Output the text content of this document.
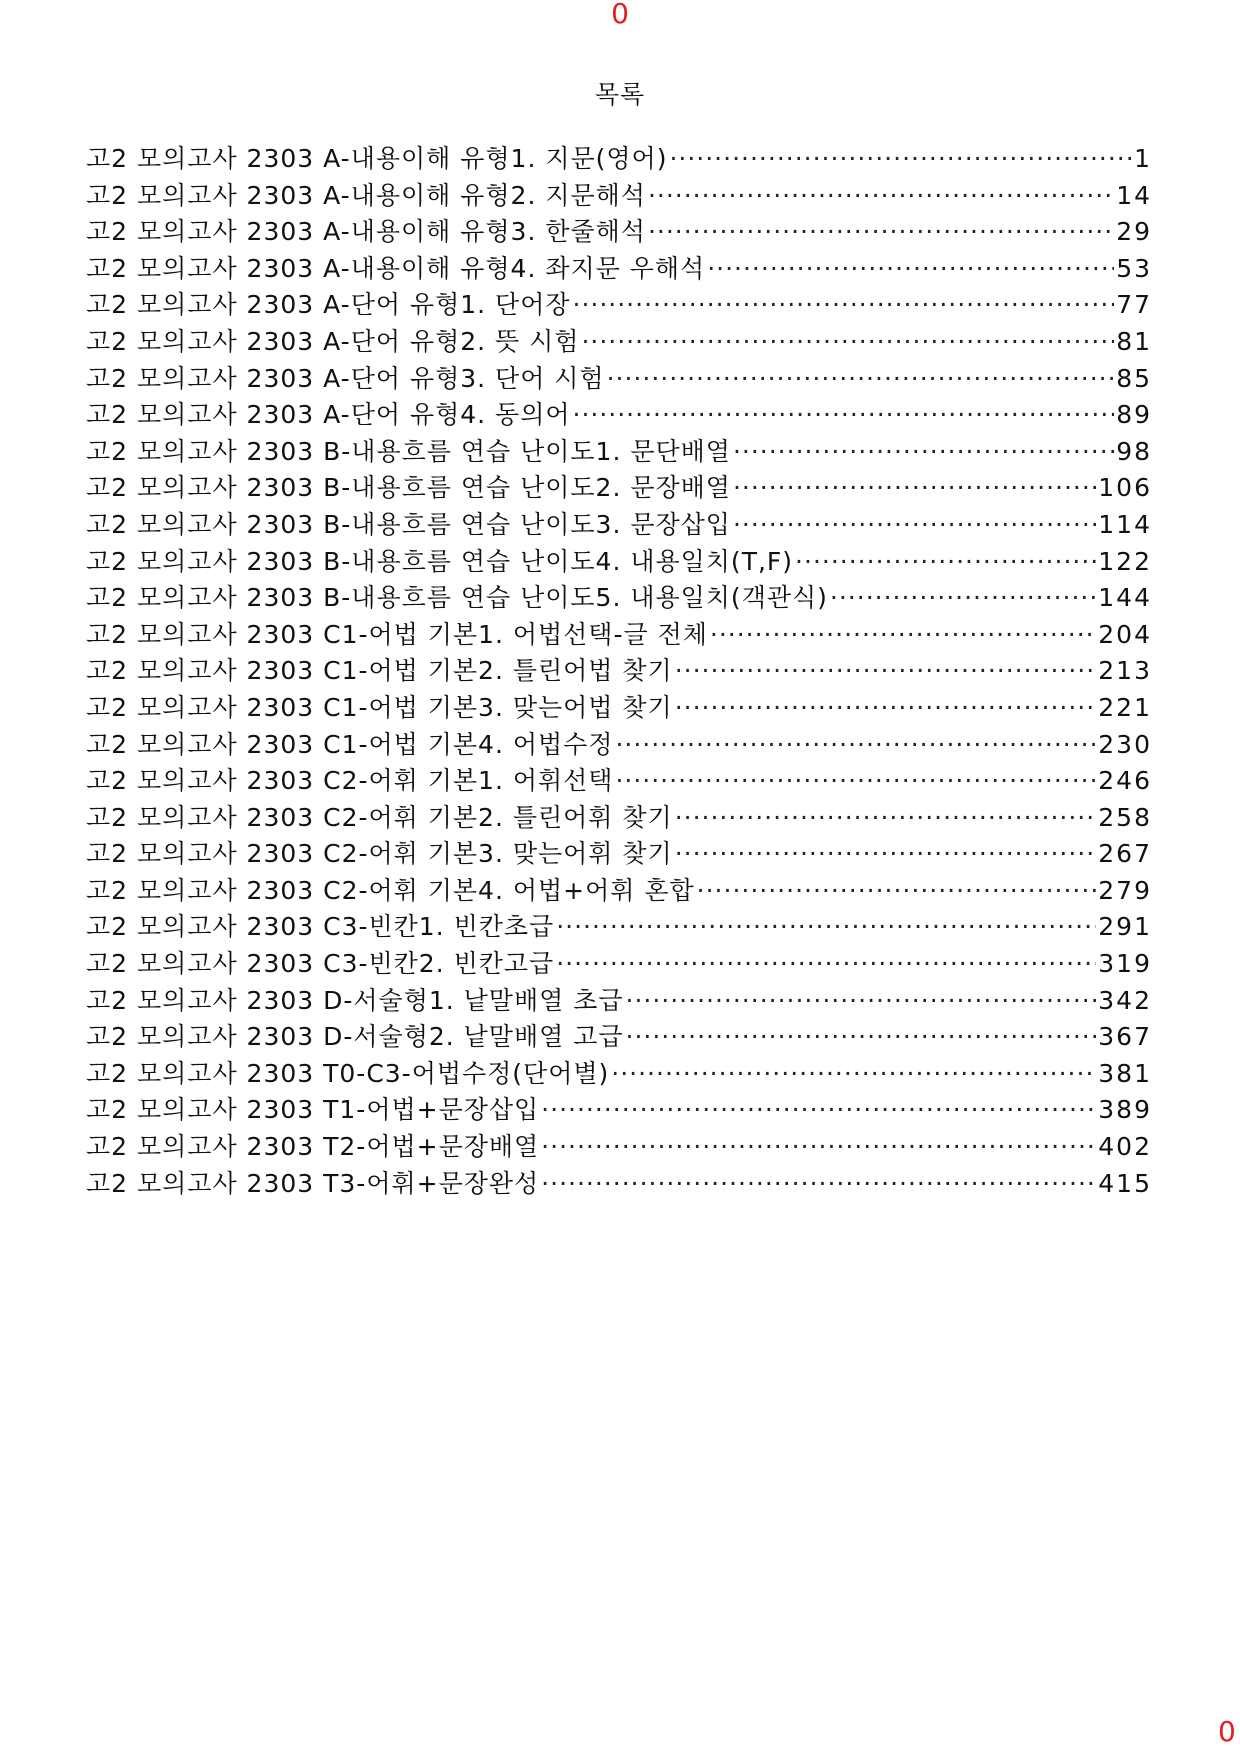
0
목록
고2 모의고사 2303 A-내용이해 유형1. 지문(영어) ·····	1
고2 모의고사 2303 A-내용이해 유형2. 지문해석 ·····	14
고2 모의고사 2303 A-내용이해 유형3. 한줄해석 ·····	29
고2 모의고사 2303 A-내용이해 유형4. 좌지문 우해석 ·····	53
고2 모의고사 2303 A-단어 유형1. 단어장 ·····	77
고2 모의고사 2303 A-단어 유형2. 뜻 시험 ·····	81
고2 모의고사 2303 A-단어 유형3. 단어 시험 ·····	85
고2 모의고사 2303 A-단어 유형4. 동의어 ·····	89
고2 모의고사 2303 B-내용흐름 연습 난이도1. 문단배열 ·····	98
고2 모의고사 2303 B-내용흐름 연습 난이도2. 문장배열 ·····	106
고2 모의고사 2303 B-내용흐름 연습 난이도3. 문장삽입 ·····	114
고2 모의고사 2303 B-내용흐름 연습 난이도4. 내용일치(T,F) ·····	122
고2 모의고사 2303 B-내용흐름 연습 난이도5. 내용일치(객관식) ·····	144
고2 모의고사 2303 C1-어법 기본1. 어법선택-글 전체 ·····	204
고2 모의고사 2303 C1-어법 기본2. 틀린어법 찾기 ·····	213
고2 모의고사 2303 C1-어법 기본3. 맞는어법 찾기 ·····	221
고2 모의고사 2303 C1-어법 기본4. 어법수정 ·····	230
고2 모의고사 2303 C2-어휘 기본1. 어휘선택 ·····	246
고2 모의고사 2303 C2-어휘 기본2. 틀린어휘 찾기 ·····	258
고2 모의고사 2303 C2-어휘 기본3. 맞는어휘 찾기 ·····	267
고2 모의고사 2303 C2-어휘 기본4. 어법+어휘 혼합 ·····	279
고2 모의고사 2303 C3-빈칸1. 빈칸초급 ·····	291
고2 모의고사 2303 C3-빈칸2. 빈칸고급 ·····	319
고2 모의고사 2303 D-서술형1. 낱말배열 초급 ·····	342
고2 모의고사 2303 D-서술형2. 낱말배열 고급 ·····	367
고2 모의고사 2303 T0-C3-어법수정(단어별) ·····	381
고2 모의고사 2303 T1-어법+문장삽입 ·····	389
고2 모의고사 2303 T2-어법+문장배열 ·····	402
고2 모의고사 2303 T3-어휘+문장완성 ·····	415
0
